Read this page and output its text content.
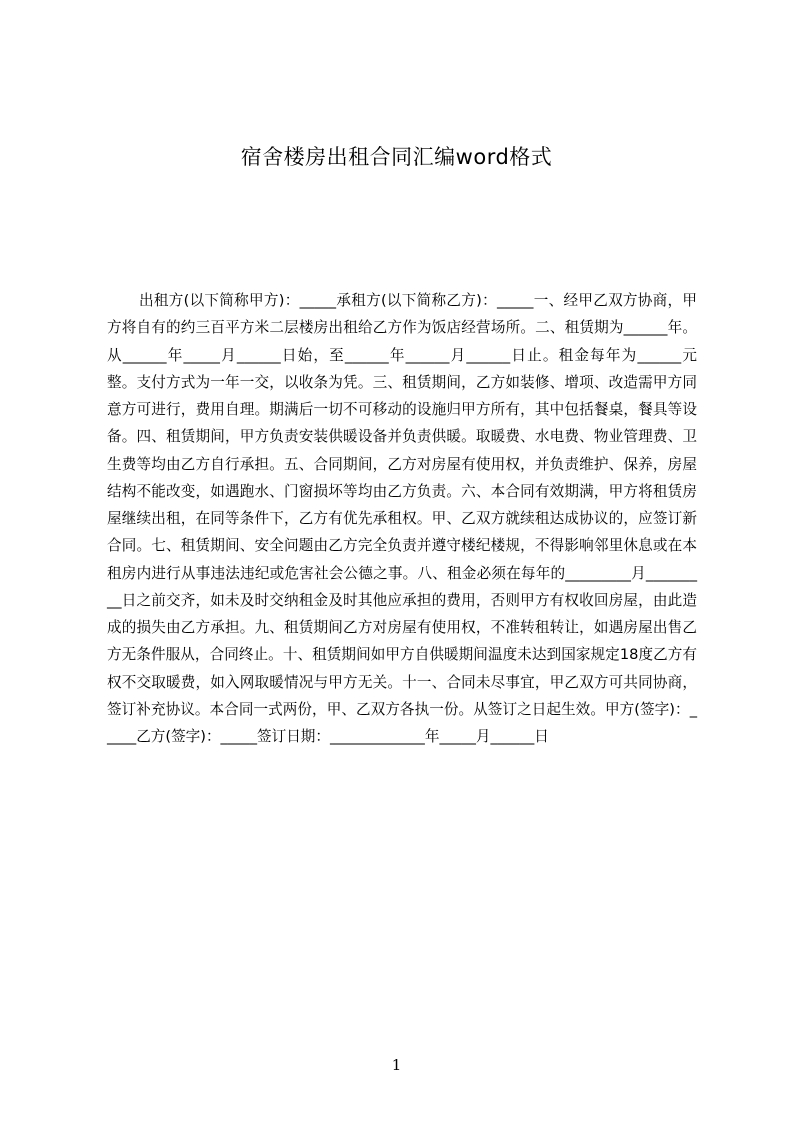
宿舍楼房出租合同汇编word格式

出租方(以下简称甲方)：_____承租方(以下简称乙方)：_____一、经甲乙双方协商，甲方将自有的约三百平方米二层楼房出租给乙方作为饭店经营场所。二、租赁期为______年。从______年_____月______日始，至______年______月______日止。租金每年为______元整。支付方式为一年一交，以收条为凭。三、租赁期间，乙方如装修、增项、改造需甲方同意方可进行，费用自理。期满后一切不可移动的设施归甲方所有，其中包括餐桌，餐具等设备。四、租赁期间，甲方负责安装供暖设备并负责供暖。取暖费、水电费、物业管理费、卫生费等均由乙方自行承担。五、合同期间，乙方对房屋有使用权，并负责维护、保养，房屋结构不能改变，如遇跑水、门窗损坏等均由乙方负责。六、本合同有效期满，甲方将租赁房屋继续出租，在同等条件下，乙方有优先承租权。甲、乙双方就续租达成协议的，应签订新合同。七、租赁期间、安全问题由乙方完全负责并遵守楼纪楼规，不得影响邻里休息或在本租房内进行从事违法违纪或危害社会公德之事。八、租金必须在每年的_________月_________日之前交齐，如未及时交纳租金及时其他应承担的费用，否则甲方有权收回房屋，由此造成的损失由乙方承担。九、租赁期间乙方对房屋有使用权，不准转租转让，如遇房屋出售乙方无条件服从，合同终止。十、租赁期间如甲方自供暖期间温度未达到国家规定18度乙方有权不交取暖费，如入网取暖情况与甲方无关。十一、合同未尽事宜，甲乙双方可共同协商，签订补充协议。本合同一式两份，甲、乙双方各执一份。从签订之日起生效。甲方(签字)：_____乙方(签字)：_____签订日期：_____________年_____月______日

1
